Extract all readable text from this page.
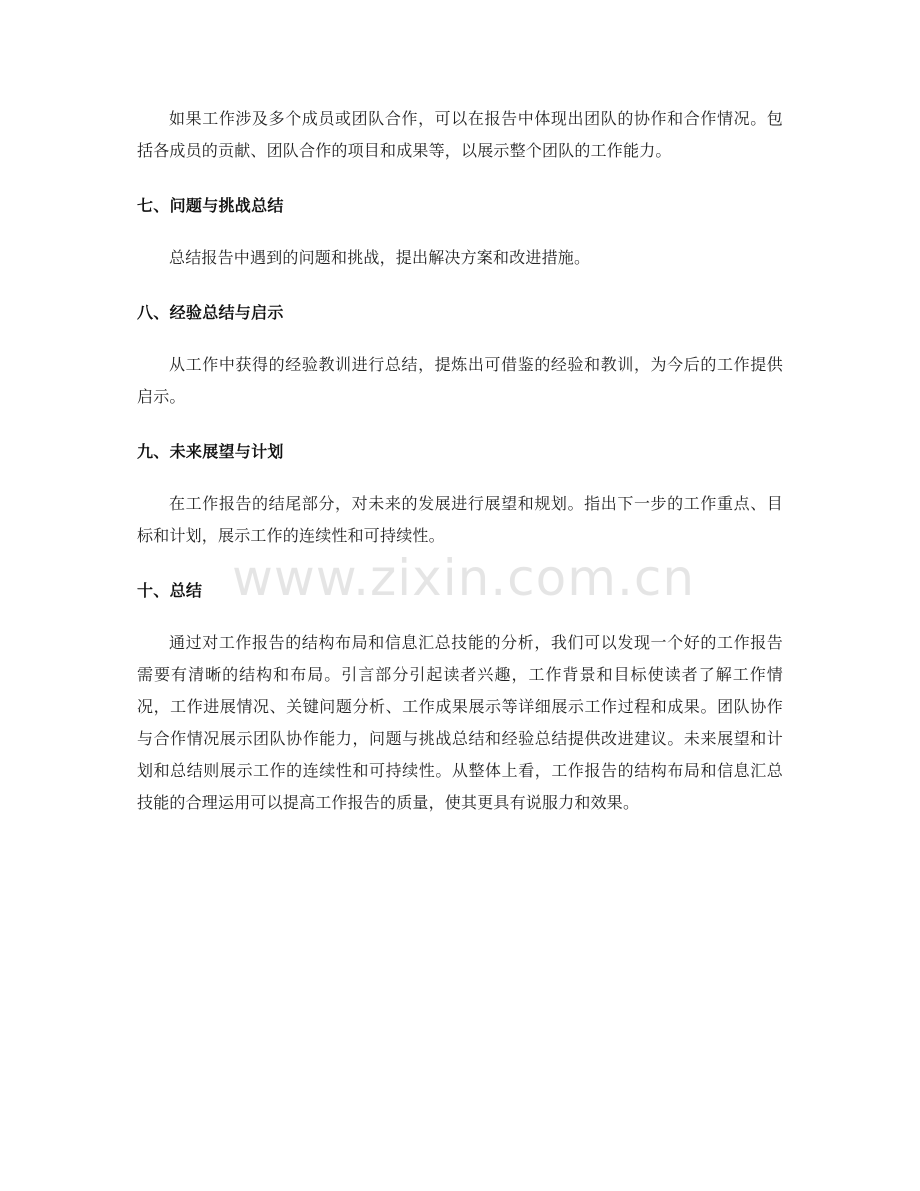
如果工作涉及多个成员或团队合作，可以在报告中体现出团队的协作和合作情况。包括各成员的贡献、团队合作的项目和成果等，以展示整个团队的工作能力。

七、问题与挑战总结

总结报告中遇到的问题和挑战，提出解决方案和改进措施。

八、经验总结与启示

从工作中获得的经验教训进行总结，提炼出可借鉴的经验和教训，为今后的工作提供启示。

九、未来展望与计划

在工作报告的结尾部分，对未来的发展进行展望和规划。指出下一步的工作重点、目标和计划，展示工作的连续性和可持续性。

十、总结

通过对工作报告的结构布局和信息汇总技能的分析，我们可以发现一个好的工作报告需要有清晰的结构和布局。引言部分引起读者兴趣，工作背景和目标使读者了解工作情况，工作进展情况、关键问题分析、工作成果展示等详细展示工作过程和成果。团队协作与合作情况展示团队协作能力，问题与挑战总结和经验总结提供改进建议。未来展望和计划和总结则展示工作的连续性和可持续性。从整体上看，工作报告的结构布局和信息汇总技能的合理运用可以提高工作报告的质量，使其更具有说服力和效果。

www.zixin.com.cn
